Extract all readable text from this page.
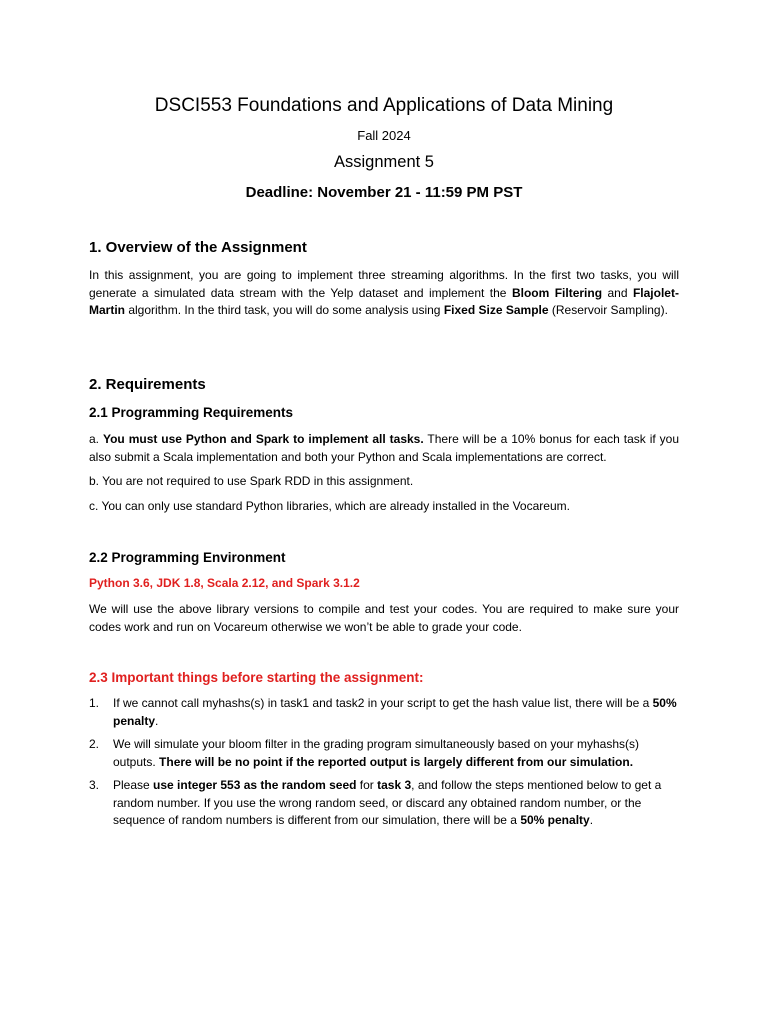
DSCI553 Foundations and Applications of Data Mining
Fall 2024
Assignment 5
Deadline: November 21 - 11:59 PM PST
1. Overview of the Assignment

In this assignment, you are going to implement three streaming algorithms. In the first two tasks, you will generate a simulated data stream with the Yelp dataset and implement the Bloom Filtering and Flajolet-Martin algorithm. In the third task, you will do some analysis using Fixed Size Sample (Reservoir Sampling).

2. Requirements
2.1 Programming Requirements

a. You must use Python and Spark to implement all tasks. There will be a 10% bonus for each task if you also submit a Scala implementation and both your Python and Scala implementations are correct.

b. You are not required to use Spark RDD in this assignment.

c. You can only use standard Python libraries, which are already installed in the Vocareum.

2.2 Programming Environment

Python 3.6, JDK 1.8, Scala 2.12, and Spark 3.1.2

We will use the above library versions to compile and test your codes. You are required to make sure your codes work and run on Vocareum otherwise we won’t be able to grade your code.

2.3 Important things before starting the assignment:
1. If we cannot call myhashs(s) in task1 and task2 in your script to get the hash value list, there will be a 50% penalty.
2. We will simulate your bloom filter in the grading program simultaneously based on your myhashs(s) outputs. There will be no point if the reported output is largely different from our simulation.
3. Please use integer 553 as the random seed for task 3, and follow the steps mentioned below to get a random number. If you use the wrong random seed, or discard any obtained random number, or the sequence of random numbers is different from our simulation, there will be a 50% penalty.
